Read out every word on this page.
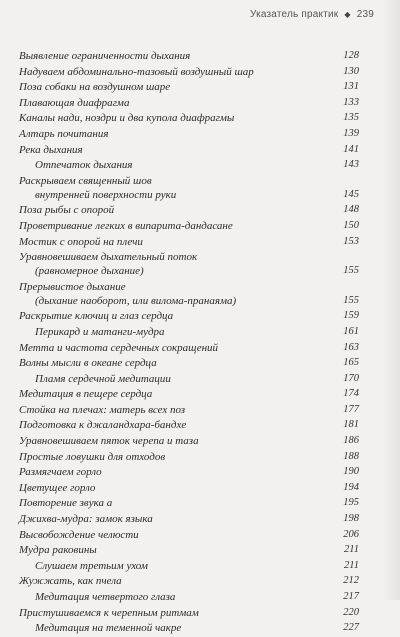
Указатель практик ◆ 239
Выявление ограниченности дыхания	128
Надуваем абдоминально-тазовый воздушный шар	130
Поза собаки на воздушном шаре	131
Плавающая диафрагма	133
Каналы нади, ноздри и два купола диафрагмы	135
Алтарь почитания	139
Река дыхания	141
Отпечаток дыхания	143
Раскрываем священный шов
внутренней поверхности руки	145
Поза рыбы с опорой	148
Проветривание легких в випарита-дандасане	150
Мостик с опорой на плечи	153
Уравновешиваем дыхательный поток
(равномерное дыхание)	155
Прерывистое дыхание
(дыхание наоборот, или вилома-пранаяма)	155
Раскрытие ключиц и глаз сердца	159
Перикард и матанги-мудра	161
Метта и частота сердечных сокращений	163
Волны мысли в океане сердца	165
Пламя сердечной медитации	170
Медитация в пещере сердца	174
Стойка на плечах: матерь всех поз	177
Подготовка к джаландхара-бандхе	181
Уравновешиваем пяток черепа и таза	186
Простые ловушки для отходов	188
Размягчаем горло	190
Цветущее горло	194
Повторение звука а	195
Джихва-мудра: замок языка	198
Высвобождение челюсти	206
Мудра раковины	211
Слушаем третьим ухом	211
Жужжать, как пчела	212
Медитация четвертого глаза	217
Пристушиваемся к черепным ритмам	220
Медитация на теменной чакре	227
